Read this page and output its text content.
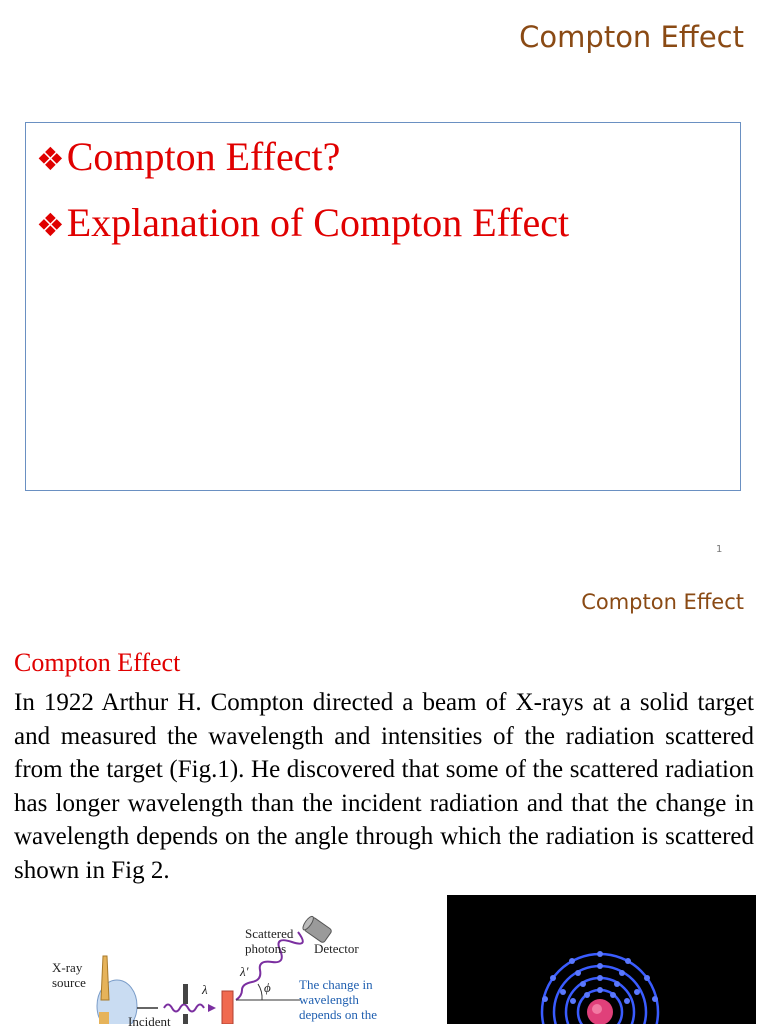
Compton Effect
❖Compton Effect?
❖Explanation of Compton Effect
1
Compton Effect
Compton Effect
In 1922 Arthur H. Compton directed a beam of X-rays at a solid target and measured the wavelength and intensities of the radiation scattered from the target (Fig.1). He discovered that some of the scattered radiation has longer wavelength than the incident radiation and that the change in wavelength depends on the angle through which the radiation is scattered shown in Fig 2.
X-ray
source
Incident
λ
Scattered
photons
λ′
ϕ
Detector
The change in
wavelength
depends on the
